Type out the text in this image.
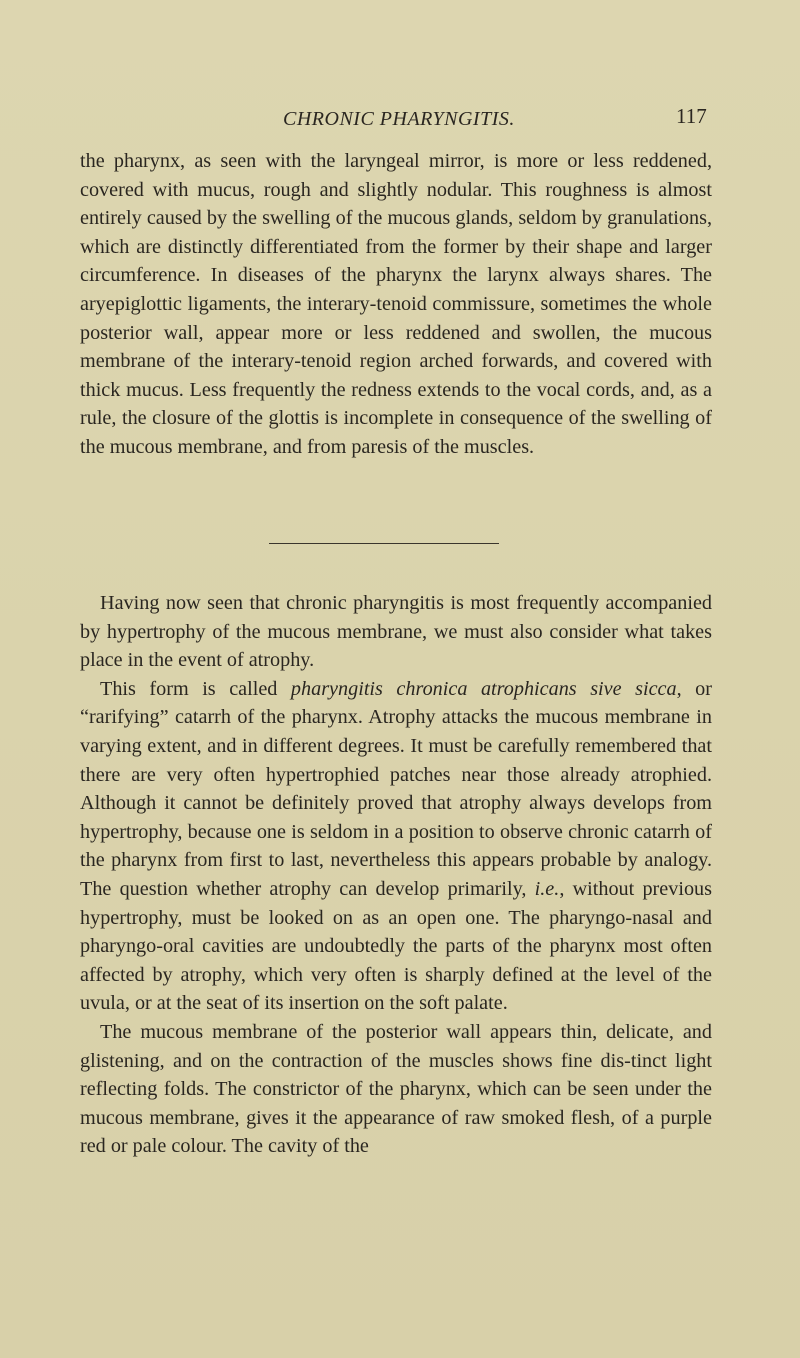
CHRONIC PHARYNGITIS.	117

the pharynx, as seen with the laryngeal mirror, is more or less reddened, covered with mucus, rough and slightly nodular. This roughness is almost entirely caused by the swelling of the mucous glands, seldom by granulations, which are distinctly differentiated from the former by their shape and larger circumference. In diseases of the pharynx the larynx always shares. The aryepiglottic ligaments, the interary-tenoid commissure, sometimes the whole posterior wall, appear more or less reddened and swollen, the mucous membrane of the interary-tenoid region arched forwards, and covered with thick mucus. Less frequently the redness extends to the vocal cords, and, as a rule, the closure of the glottis is incomplete in consequence of the swelling of the mucous membrane, and from paresis of the muscles.

Having now seen that chronic pharyngitis is most frequently accompanied by hypertrophy of the mucous membrane, we must also consider what takes place in the event of atrophy.

This form is called pharyngitis chronica atrophicans sive sicca, or “rarifying” catarrh of the pharynx. Atrophy attacks the mucous membrane in varying extent, and in different degrees. It must be carefully remembered that there are very often hypertrophied patches near those already atrophied. Although it cannot be definitely proved that atrophy always develops from hypertrophy, because one is seldom in a position to observe chronic catarrh of the pharynx from first to last, nevertheless this appears probable by analogy. The question whether atrophy can develop primarily, i.e., without previous hypertrophy, must be looked on as an open one. The pharyngo-nasal and pharyngo-oral cavities are undoubtedly the parts of the pharynx most often affected by atrophy, which very often is sharply defined at the level of the uvula, or at the seat of its insertion on the soft palate.

The mucous membrane of the posterior wall appears thin, delicate, and glistening, and on the contraction of the muscles shows fine dis-tinct light reflecting folds. The constrictor of the pharynx, which can be seen under the mucous membrane, gives it the appearance of raw smoked flesh, of a purple red or pale colour. The cavity of the
